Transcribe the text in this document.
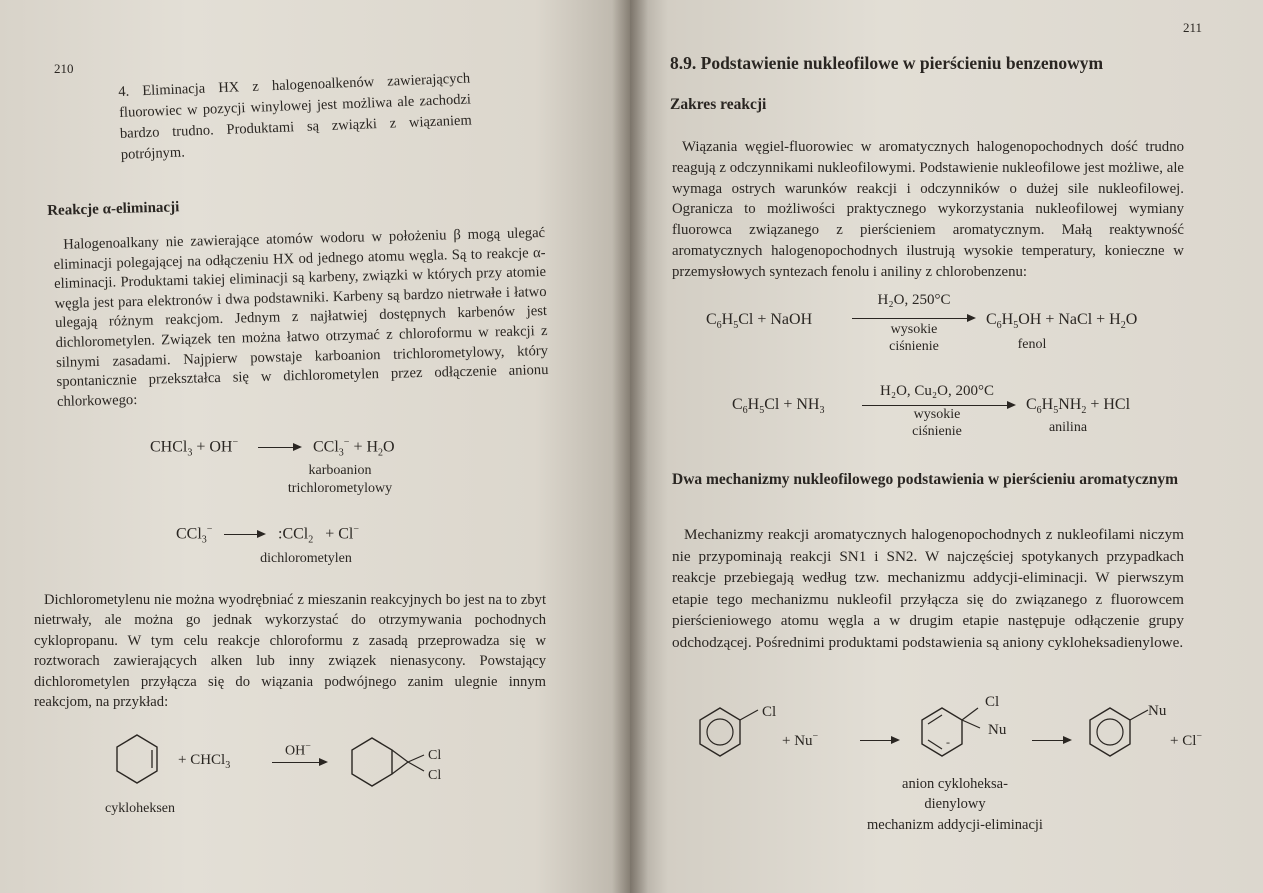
210

4. Eliminacja HX z halogenoalkenów zawierających fluorowiec w pozycji winylowej jest możliwa ale zachodzi bardzo trudno. Produktami są związki z wiązaniem potrójnym.

Reakcje α-eliminacji

Halogenoalkany nie zawierające atomów wodoru w położeniu β mogą ulegać eliminacji polegającej na odłączeniu HX od jednego atomu węgla. Są to reakcje α-eliminacji. Produktami takiej eliminacji są karbeny, związki w których przy atomie węgla jest para elektronów i dwa podstawniki. Karbeny są bardzo nietrwałe i łatwo ulegają różnym reakcjom. Jednym z najłatwiej dostępnych karbenów jest dichlorometylen. Związek ten można łatwo otrzymać z chloroformu w reakcji z silnymi zasadami. Najpierw powstaje karboanion trichlorometylowy, który spontanicznie przekształca się w dichlorometylen przez odłączenie anionu chlorkowego:

CHCl$_3$ + $OH^- \to CCl_3^- + H_2O$
karboanion
trichlorometylowy
CCl$_3$− → :CCl$_2$   + Cl−
dichlorometylen

Dichlorometylenu nie można wyodrębniać z mieszanin reakcyjnych bo jest na to zbyt nietrwały, ale można go jednak wykorzystać do otrzymywania pochodnych cyklopropanu. W tym celu reakcje chloroformu z zasadą przeprowadza się w roztworach zawierających alken lub inny związek nienasycony. Powstający dichlorometylen przyłącza się do wiązania podwójnego zanim ulegnie innym reakcjom, na przykład:

+ CHCl$_3$
OH−
Cl
Cl
cykloheksen
211
8.9. Podstawienie nukleofilowe w pierścieniu benzenowym
Zakres reakcji

Wiązania węgiel-fluorowiec w aromatycznych halogenopochodnych dość trudno reagują z odczynnikami nukleofilowymi. Podstawienie nukleofilowe jest możliwe, ale wymaga ostrych warunków reakcji i odczynników o dużej sile nukleofilowej. Ogranicza to możliwości praktycznego wykorzystania nukleofilowej wymiany fluorowca związanego z pierścieniem aromatycznym. Małą reaktywność aromatycznych halogenopochodnych ilustrują wysokie temperatury, konieczne w przemysłowych syntezach fenolu i aniliny z chlorobenzenu:

$C_6H_5Cl$ + NaOH
H₂O, 250°C
wysokie
ciśnienie
$C_6H_5OH$ + NaCl + $H_2O$
fenol
$C_6H_5Cl + NH_3$
H₂O, Cu₂O, 200°C
wysokie
ciśnienie
$C_6H_5NH_2$ + HCl
anilina

Dwa mechanizmy nukleofilowego podstawienia w pierścieniu aromatycznym

Mechanizmy reakcji aromatycznych halogenopochodnych z nukleofilami niczym nie przypominają reakcji SN1 i SN2. W najczęściej spotykanych przypadkach reakcje przebiegają według tzw. mechanizmu addycji-eliminacji. W pierwszym etapie tego mechanizmu nukleofil przyłącza się do związanego z fluorowcem pierścieniowego atomu węgla a w drugim etapie następuje odłączenie grupy odchodzącej. Pośrednimi produktami podstawienia są aniony cykloheksadienylowe.

Cl
+ Nu−	-
Cl
Nu
Nu
+ Cl−
anion cykloheksa-
dienylowy
mechanizm addycji-eliminacji
